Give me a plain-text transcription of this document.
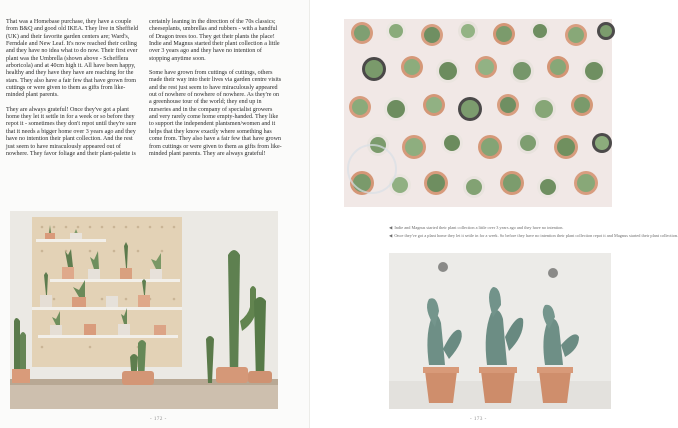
That was a Homebase purchase, they have a couple from B&Q and good old IKEA. They live in Sheffield (UK) and their favorite garden centers are; Ward's, Ferndale and New Leaf. It's now reached their ceiling and they have no idea what to do now. Their first ever plant was the Umbrella (shown above - Schefflera arboricola) and at 40cm high it. All have been happy, healthy and they have they have are reaching for the stars. They also have a fair few that have grown from cuttings or were given to them as gifts from like-minded plant parents.

They are always grateful! Once they've got a plant home they let it settle in for a week or so before they repot it - sometimes they don't repot until they're sure that it needs a bigger home over 3 years ago and they have no intention their plant collection. And the rest just seem to have miraculously appeared out of nowhere. They favor foliage and their plant-palette is

certainly leaning in the direction of the 70s classics; cheeseplants, umbrellas and rubbers - with a handful of Dragon trees too. They get their plants the place! Indie and Magnus started their plant collection a little over 3 years ago and they have no intention of stopping anytime soon.

Some have grown from cuttings of cuttings, others made their way into their lives via garden centre visits and the rest just seem to have miraculously appeared out of nowhere of nowhere of nowhere. As they're on a greenhouse tour of the world; they end up in nurseries and in the company of specialist growers and very rarely come home empty-handed. They like to support the independent plantsmen/women and it helps that they know exactly where something has come from. They also have a fair few that have grown from cuttings or were given to them as gifts from like-minded plant parents. They are always grateful!

- 172 -
◀ Indie and Magnus started their plant collection a little over 3 years ago and they have no intention.
◀ Once they've got a plant home they let it settle in for a week. So before they have no intention their plant collection repot it and Magnus started their plant collection.
- 173 -
